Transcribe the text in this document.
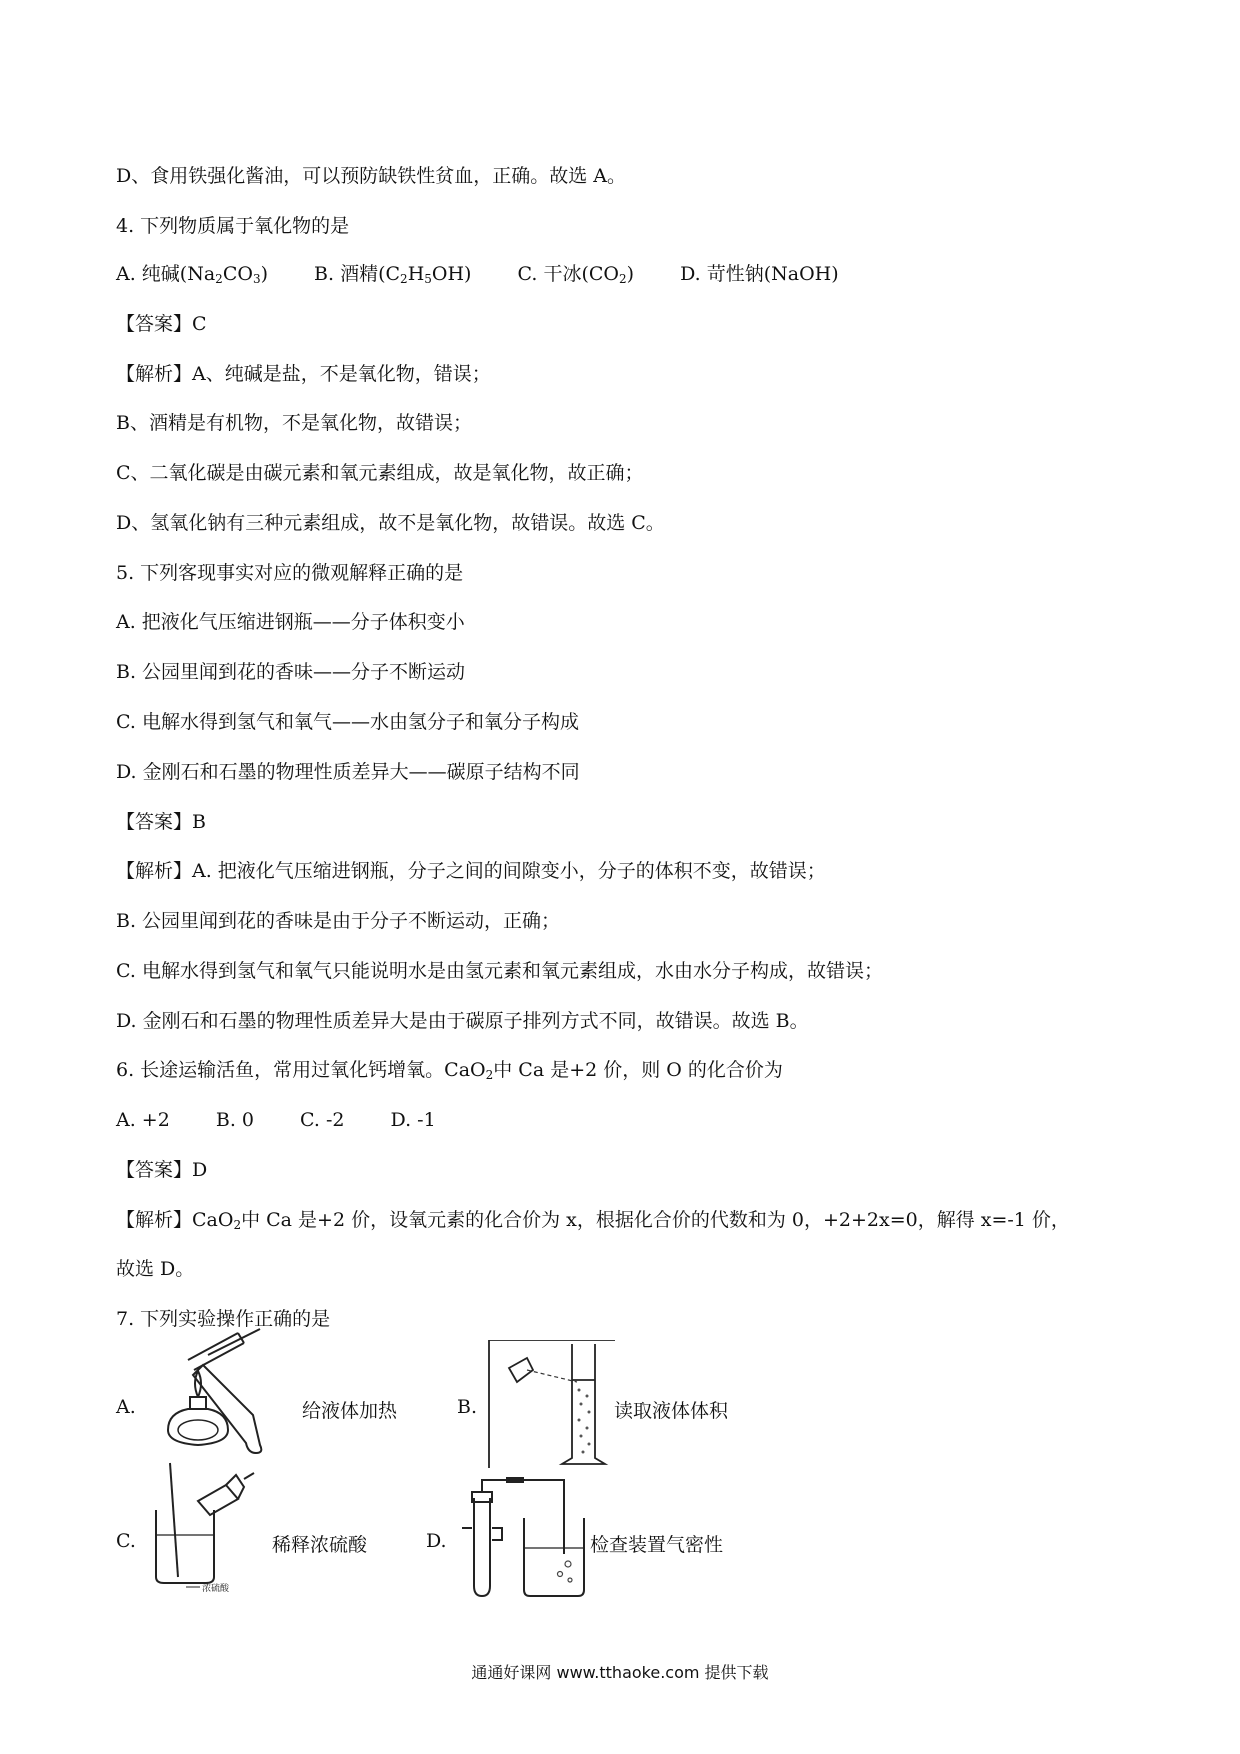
D、食用铁强化酱油，可以预防缺铁性贫血，正确。故选 A。
4. 下列物质属于氧化物的是
A. 纯碱$(Na_2CO_3)$ B. 酒精$(C_2H_5OH)$ C. 干冰$(CO_2)$ D. 苛性钠(NaOH)
【答案】C
【解析】A、纯碱是盐，不是氧化物，错误；
B、酒精是有机物，不是氧化物，故错误；
C、二氧化碳是由碳元素和氧元素组成，故是氧化物，故正确；
D、氢氧化钠有三种元素组成，故不是氧化物，故错误。故选 C。
5. 下列客现事实对应的微观解释正确的是
A. 把液化气压缩进钢瓶——分子体积变小
B. 公园里闻到花的香味——分子不断运动
C. 电解水得到氢气和氧气——水由氢分子和氧分子构成
D. 金刚石和石墨的物理性质差异大——碳原子结构不同
【答案】B
【解析】A. 把液化气压缩进钢瓶，分子之间的间隙变小，分子的体积不变，故错误；
B. 公园里闻到花的香味是由于分子不断运动，正确；
C. 电解水得到氢气和氧气只能说明水是由氢元素和氧元素组成，水由水分子构成，故错误；
D. 金刚石和石墨的物理性质差异大是由于碳原子排列方式不同，故错误。故选 B。
6. 长途运输活鱼，常用过氧化钙增氧。CaO$_2$中 Ca 是+2 价，则 O 的化合价为
A. +2 B. 0 C. -2 D. -1
【答案】D
【解析】CaO$_2$中 Ca 是+2 价，设氧元素的化合价为 x，根据化合价的代数和为 0，+2+2x=0，解得 x=-1 价，
故选 D。
7. 下列实验操作正确的是
A.	给液体加热	B.	读取液体体积
C.
浓硫酸
稀释浓硫酸	D.	检查装置气密性
通通好课网 www.tthaoke.com 提供下载
